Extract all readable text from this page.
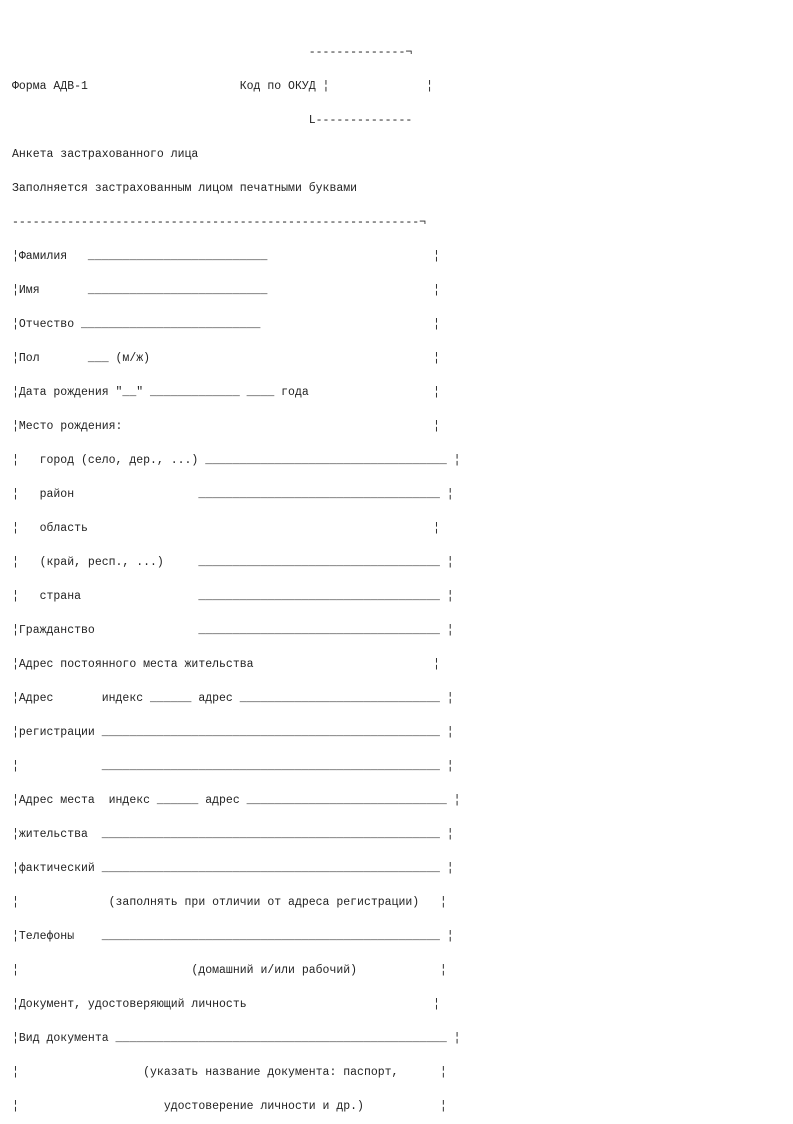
--------------¬
Форма АДВ-1                      Код по ОКУД ¦              ¦
L--------------
Анкета застрахованного лица
Заполняется застрахованным лицом печатными буквами
-----------------------------------------------------------¬
¦Фамилия   __________________________                        ¦
¦Имя       __________________________                        ¦
¦Отчество __________________________                         ¦
¦Пол       ___ (м/ж)                                         ¦
¦Дата рождения "__" _____________ ____ года                  ¦
¦Место рождения:                                             ¦
¦   город (село, дер., ...) ___________________________________ ¦
¦   район                  ___________________________________ ¦
¦   область                                                  ¦
¦   (край, респ., ...)     ___________________________________ ¦
¦   страна                 ___________________________________ ¦
¦Гражданство               ___________________________________ ¦
¦Адрес постоянного места жительства                          ¦
¦Адрес       индекс ______ адрес _____________________________ ¦
¦регистрации _________________________________________________ ¦
¦            _________________________________________________ ¦
¦Адрес места  индекс ______ адрес _____________________________ ¦
¦жительства  _________________________________________________ ¦
¦фактический _________________________________________________ ¦
¦             (заполнять при отличии от адреса регистрации)   ¦
¦Телефоны    _________________________________________________ ¦
¦                         (домашний и/или рабочий)            ¦
¦Документ, удостоверяющий личность                           ¦
¦Вид документа ________________________________________________ ¦
¦                  (указать название документа: паспорт,      ¦
¦                     удостоверение личности и др.)           ¦
